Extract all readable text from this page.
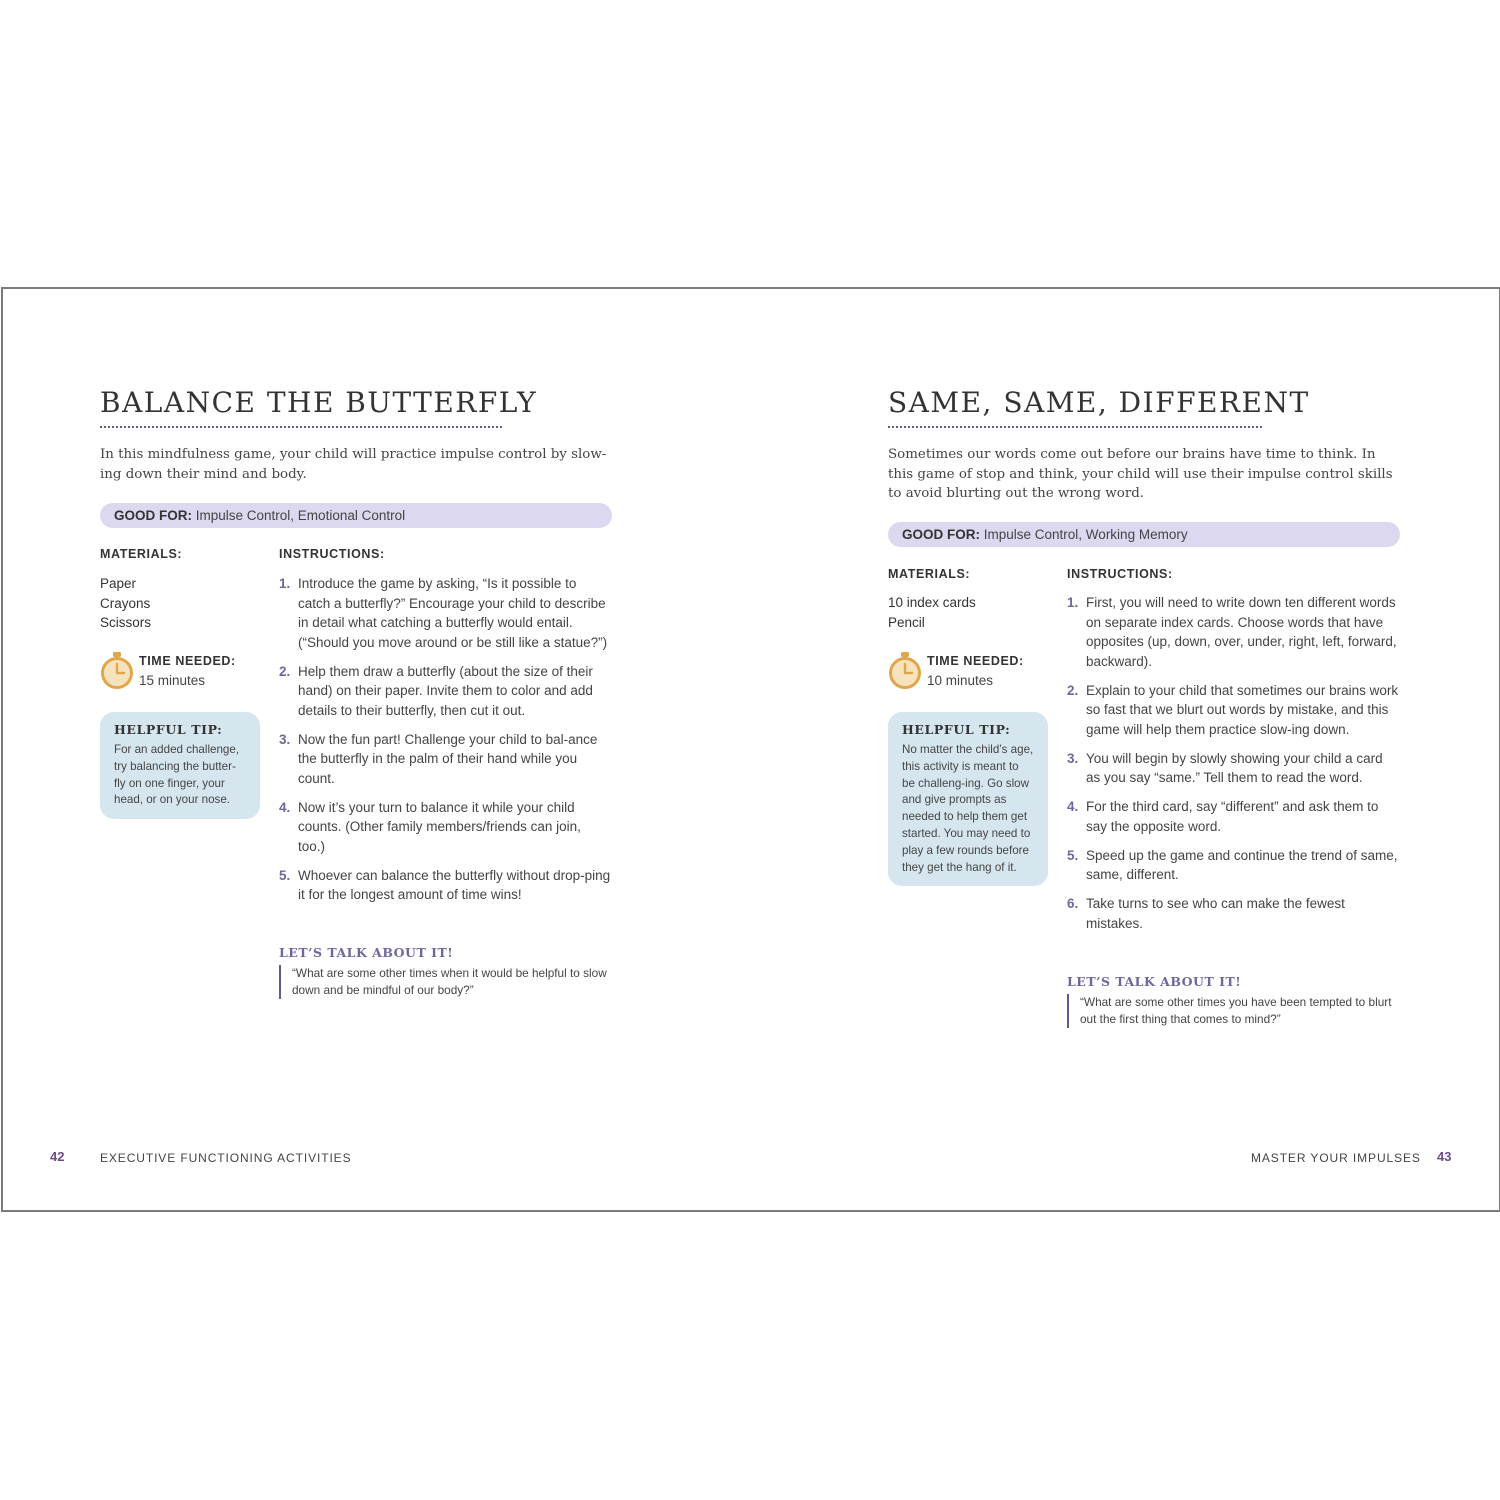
BALANCE THE BUTTERFLY

In this mindfulness game, your child will practice impulse control by slow-ing down their mind and body.

GOOD FOR: Impulse Control, Emotional Control
MATERIALS:
Paper
Crayons
Scissors
TIME NEEDED:
15 minutes
HELPFUL TIP:
For an added challenge, try balancing the butter-fly on one finger, your head, or on your nose.
INSTRUCTIONS:
1. Introduce the game by asking, “Is it possible to catch a butterfly?” Encourage your child to describe in detail what catching a butterfly would entail. (“Should you move around or be still like a statue?”)
2. Help them draw a butterfly (about the size of their hand) on their paper. Invite them to color and add details to their butterfly, then cut it out.
3. Now the fun part! Challenge your child to bal-ance the butterfly in the palm of their hand while you count.
4. Now it’s your turn to balance it while your child counts. (Other family members/friends can join, too.)
5. Whoever can balance the butterfly without drop-ping it for the longest amount of time wins!
LET’S TALK ABOUT IT!
“What are some other times when it would be helpful to slow down and be mindful of our body?”
42	EXECUTIVE FUNCTIONING ACTIVITIES
SAME, SAME, DIFFERENT

Sometimes our words come out before our brains have time to think. In this game of stop and think, your child will use their impulse control skills to avoid blurting out the wrong word.

GOOD FOR: Impulse Control, Working Memory
MATERIALS:
10 index cards
Pencil
TIME NEEDED:
10 minutes
HELPFUL TIP:
No matter the child’s age, this activity is meant to be challeng-ing. Go slow and give prompts as needed to help them get started. You may need to play a few rounds before they get the hang of it.
INSTRUCTIONS:
1. First, you will need to write down ten different words on separate index cards. Choose words that have opposites (up, down, over, under, right, left, forward, backward).
2. Explain to your child that sometimes our brains work so fast that we blurt out words by mistake, and this game will help them practice slow-ing down.
3. You will begin by slowly showing your child a card as you say “same.” Tell them to read the word.
4. For the third card, say “different” and ask them to say the opposite word.
5. Speed up the game and continue the trend of same, same, different.
6. Take turns to see who can make the fewest mistakes.
LET’S TALK ABOUT IT!
“What are some other times you have been tempted to blurt out the first thing that comes to mind?”
MASTER YOUR IMPULSES 43
